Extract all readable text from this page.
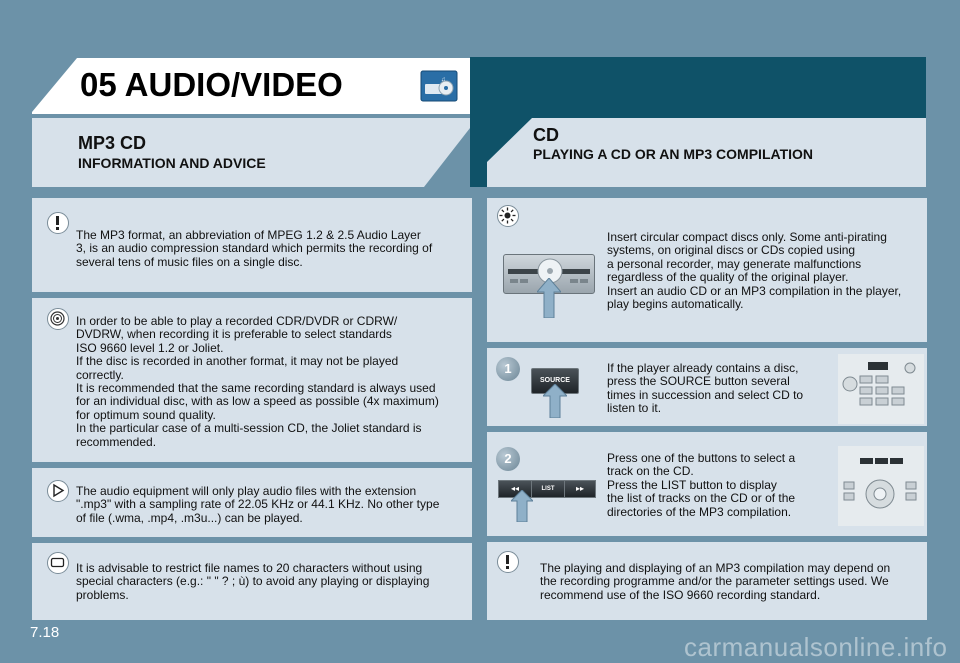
05 AUDIO/VIDEO	♫
MP3 CD
INFORMATION AND ADVICE
CD
PLAYING A CD OR AN MP3 COMPILATION
The MP3 format, an abbreviation of MPEG 1.2 & 2.5 Audio Layer
3, is an audio compression standard which permits the recording of
several tens of music files on a single disc.
In order to be able to play a recorded CDR/DVDR or CDRW/
DVDRW, when recording it is preferable to select standards
ISO 9660 level 1.2 or Joliet.
If the disc is recorded in another format, it may not be played
correctly.
It is recommended that the same recording standard is always used
for an individual disc, with as low a speed as possible (4x maximum)
for optimum sound quality.
In the particular case of a multi-session CD, the Joliet standard is
recommended.
The audio equipment will only play audio files with the extension
".mp3" with a sampling rate of 22.05 KHz or 44.1 KHz. No other type
of file (.wma, .mp4, .m3u...) can be played.
It is advisable to restrict file names to 20 characters without using
special characters (e.g.: " " ? ; ù) to avoid any playing or displaying
problems.
Insert circular compact discs only. Some anti-pirating
systems, on original discs or CDs copied using
a personal recorder, may generate malfunctions
regardless of the quality of the original player.
Insert an audio CD or an MP3 compilation in the player,
play begins automatically.
1
SOURCE
If the player already contains a disc,
press the SOURCE button several
times in succession and select CD to
listen to it.
2
◂◂	LIST	▸▸
Press one of the buttons to select a
track on the CD.
Press the LIST button to display
the list of tracks on the CD or of the
directories of the MP3 compilation.
The playing and displaying of an MP3 compilation may depend on
the recording programme and/or the parameter settings used. We
recommend use of the ISO 9660 recording standard.
7.18	carmanualsonline.info
